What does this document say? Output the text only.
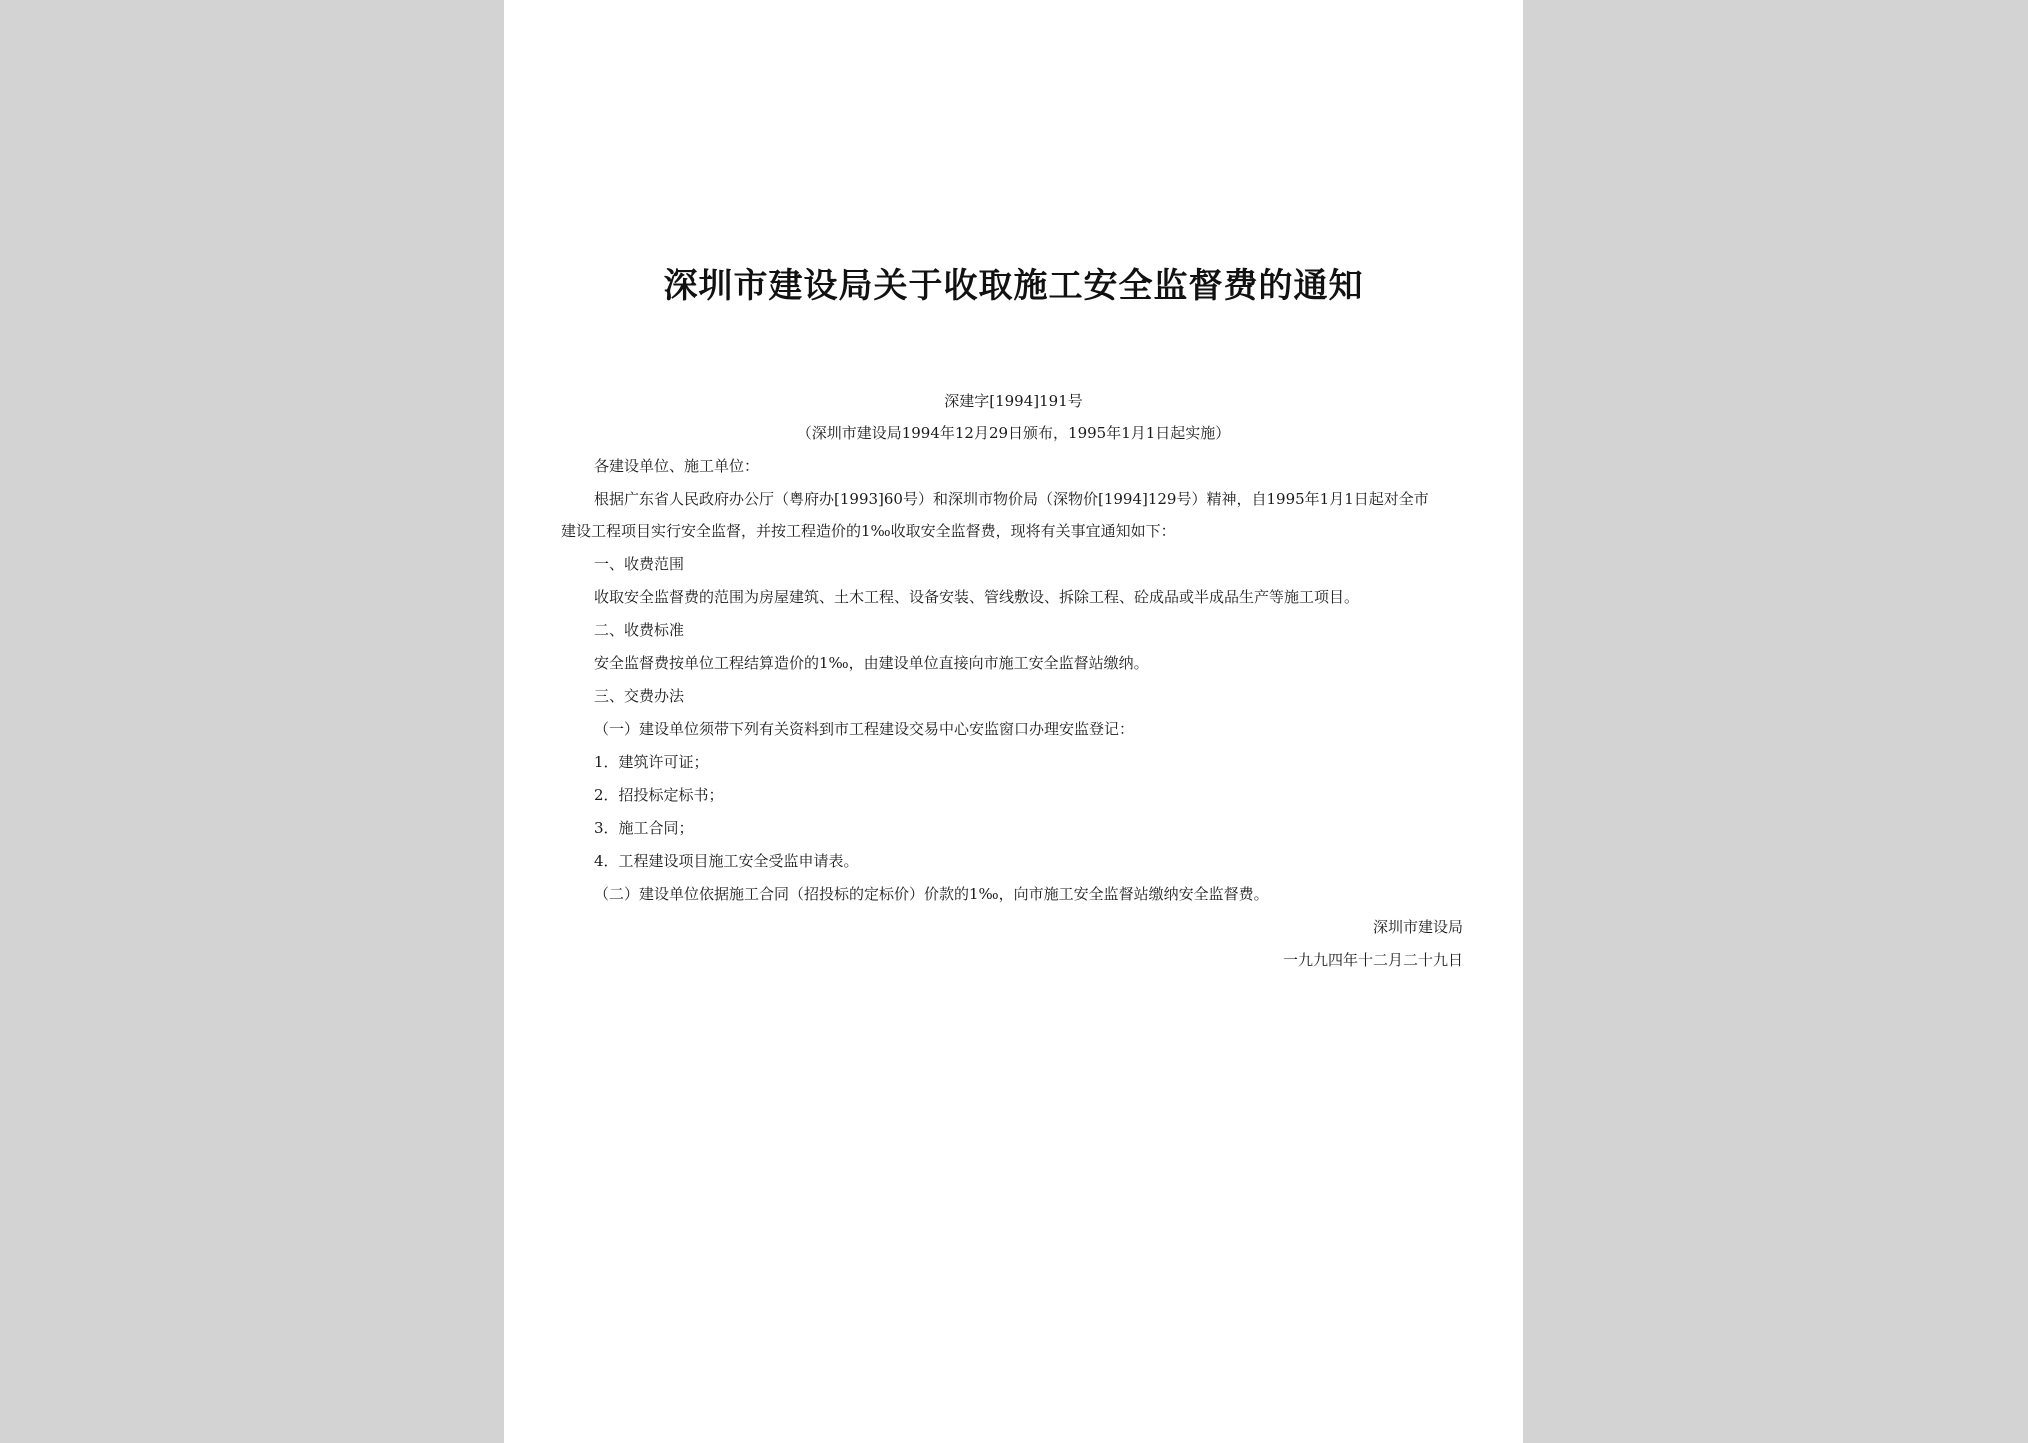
深圳市建设局关于收取施工安全监督费的通知
深建字[1994]191号
（深圳市建设局1994年12月29日颁布，1995年1月1日起实施）
各建设单位、施工单位：
根据广东省人民政府办公厅（粤府办[1993]60号）和深圳市物价局（深物价[1994]129号）精神，自1995年1月1日起对全市
建设工程项目实行安全监督，并按工程造价的1‰收取安全监督费，现将有关事宜通知如下：
一、收费范围
收取安全监督费的范围为房屋建筑、土木工程、设备安装、管线敷设、拆除工程、砼成品或半成品生产等施工项目。
二、收费标准
安全监督费按单位工程结算造价的1‰，由建设单位直接向市施工安全监督站缴纳。
三、交费办法
（一）建设单位须带下列有关资料到市工程建设交易中心安监窗口办理安监登记：
1．建筑许可证；
2．招投标定标书；
3．施工合同；
4．工程建设项目施工安全受监申请表。
（二）建设单位依据施工合同（招投标的定标价）价款的1‰，向市施工安全监督站缴纳安全监督费。
深圳市建设局
一九九四年十二月二十九日
